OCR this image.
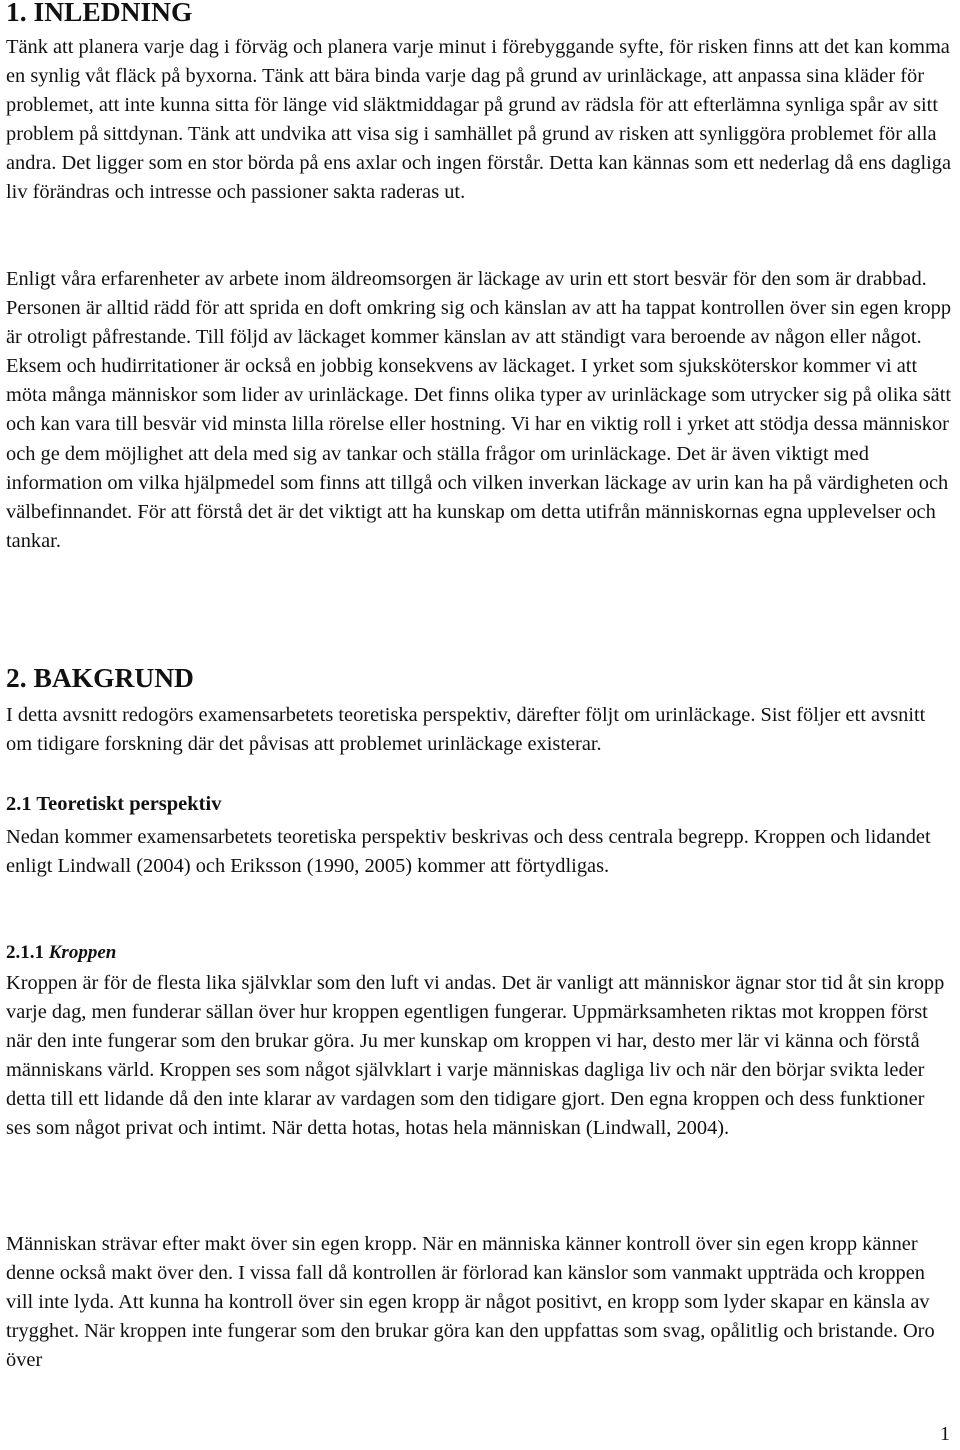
1. INLEDNING

Tänk att planera varje dag i förväg och planera varje minut i förebyggande syfte, för risken finns att det kan komma en synlig våt fläck på byxorna. Tänk att bära binda varje dag på grund av urinläckage, att anpassa sina kläder för problemet, att inte kunna sitta för länge vid släktmiddagar på grund av rädsla för att efterlämna synliga spår av sitt problem på sittdynan. Tänk att undvika att visa sig i samhället på grund av risken att synliggöra problemet för alla andra. Det ligger som en stor börda på ens axlar och ingen förstår. Detta kan kännas som ett nederlag då ens dagliga liv förändras och intresse och passioner sakta raderas ut.

Enligt våra erfarenheter av arbete inom äldreomsorgen är läckage av urin ett stort besvär för den som är drabbad. Personen är alltid rädd för att sprida en doft omkring sig och känslan av att ha tappat kontrollen över sin egen kropp är otroligt påfrestande. Till följd av läckaget kommer känslan av att ständigt vara beroende av någon eller något. Eksem och hudirritationer är också en jobbig konsekvens av läckaget. I yrket som sjuksköterskor kommer vi att möta många människor som lider av urinläckage. Det finns olika typer av urinläckage som utrycker sig på olika sätt och kan vara till besvär vid minsta lilla rörelse eller hostning. Vi har en viktig roll i yrket att stödja dessa människor och ge dem möjlighet att dela med sig av tankar och ställa frågor om urinläckage. Det är även viktigt med information om vilka hjälpmedel som finns att tillgå och vilken inverkan läckage av urin kan ha på värdigheten och välbefinnandet. För att förstå det är det viktigt att ha kunskap om detta utifrån människornas egna upplevelser och tankar.

2. BAKGRUND

I detta avsnitt redogörs examensarbetets teoretiska perspektiv, därefter följt om urinläckage. Sist följer ett avsnitt om tidigare forskning där det påvisas att problemet urinläckage existerar.

2.1 Teoretiskt perspektiv

Nedan kommer examensarbetets teoretiska perspektiv beskrivas och dess centrala begrepp. Kroppen och lidandet enligt Lindwall (2004) och Eriksson (1990, 2005) kommer att förtydligas.

2.1.1 Kroppen

Kroppen är för de flesta lika självklar som den luft vi andas. Det är vanligt att människor ägnar stor tid åt sin kropp varje dag, men funderar sällan över hur kroppen egentligen fungerar. Uppmärksamheten riktas mot kroppen först när den inte fungerar som den brukar göra. Ju mer kunskap om kroppen vi har, desto mer lär vi känna och förstå människans värld. Kroppen ses som något självklart i varje människas dagliga liv och när den börjar svikta leder detta till ett lidande då den inte klarar av vardagen som den tidigare gjort. Den egna kroppen och dess funktioner ses som något privat och intimt. När detta hotas, hotas hela människan (Lindwall, 2004).

Människan strävar efter makt över sin egen kropp. När en människa känner kontroll över sin egen kropp känner denne också makt över den. I vissa fall då kontrollen är förlorad kan känslor som vanmakt uppträda och kroppen vill inte lyda. Att kunna ha kontroll över sin egen kropp är något positivt, en kropp som lyder skapar en känsla av trygghet. När kroppen inte fungerar som den brukar göra kan den uppfattas som svag, opålitlig och bristande. Oro över

1
